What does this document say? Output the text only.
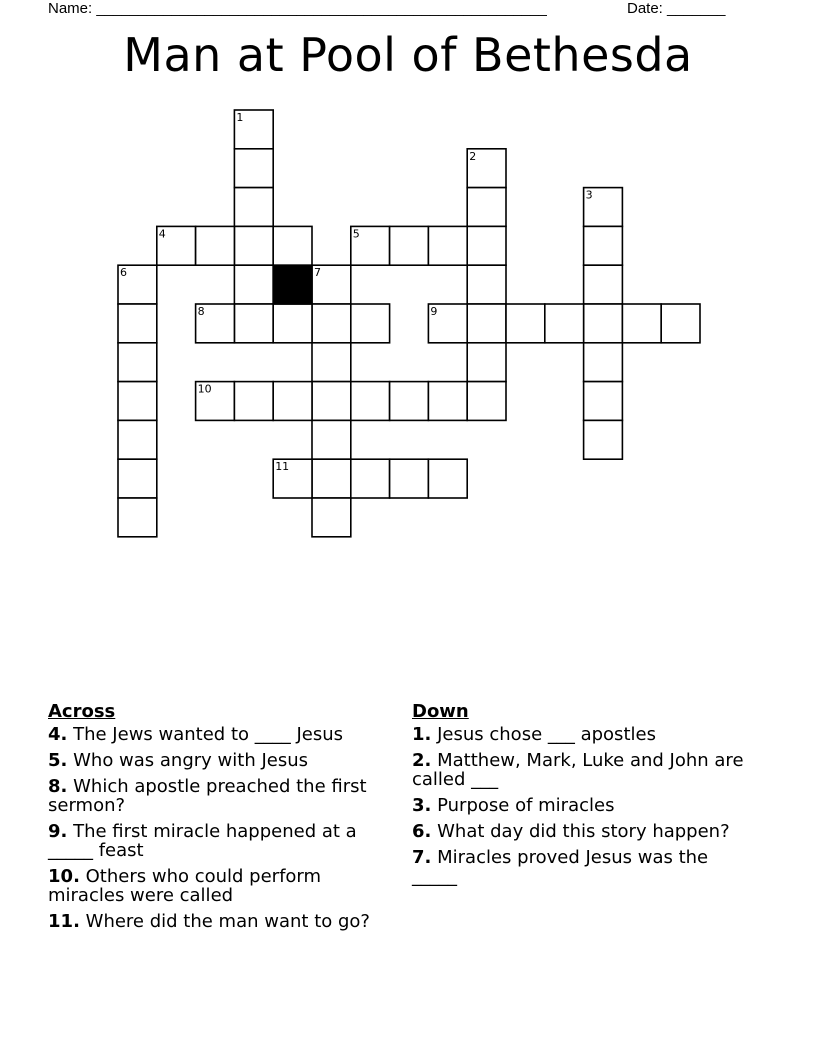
Name: ______________________________________________________	Date: _______
Man at Pool of Bethesda
1
2
3
4	5
6	7
8	9
10
11
Across
4. The Jews wanted to ____ Jesus
5. Who was angry with Jesus
8. Which apostle preached the first sermon?
9. The first miracle happened at a _____ feast
10. Others who could perform miracles were called
11. Where did the man want to go?
Down
1. Jesus chose ___ apostles
2. Matthew, Mark, Luke and John are called ___
3. Purpose of miracles
6. What day did this story happen?
7. Miracles proved Jesus was the _____
